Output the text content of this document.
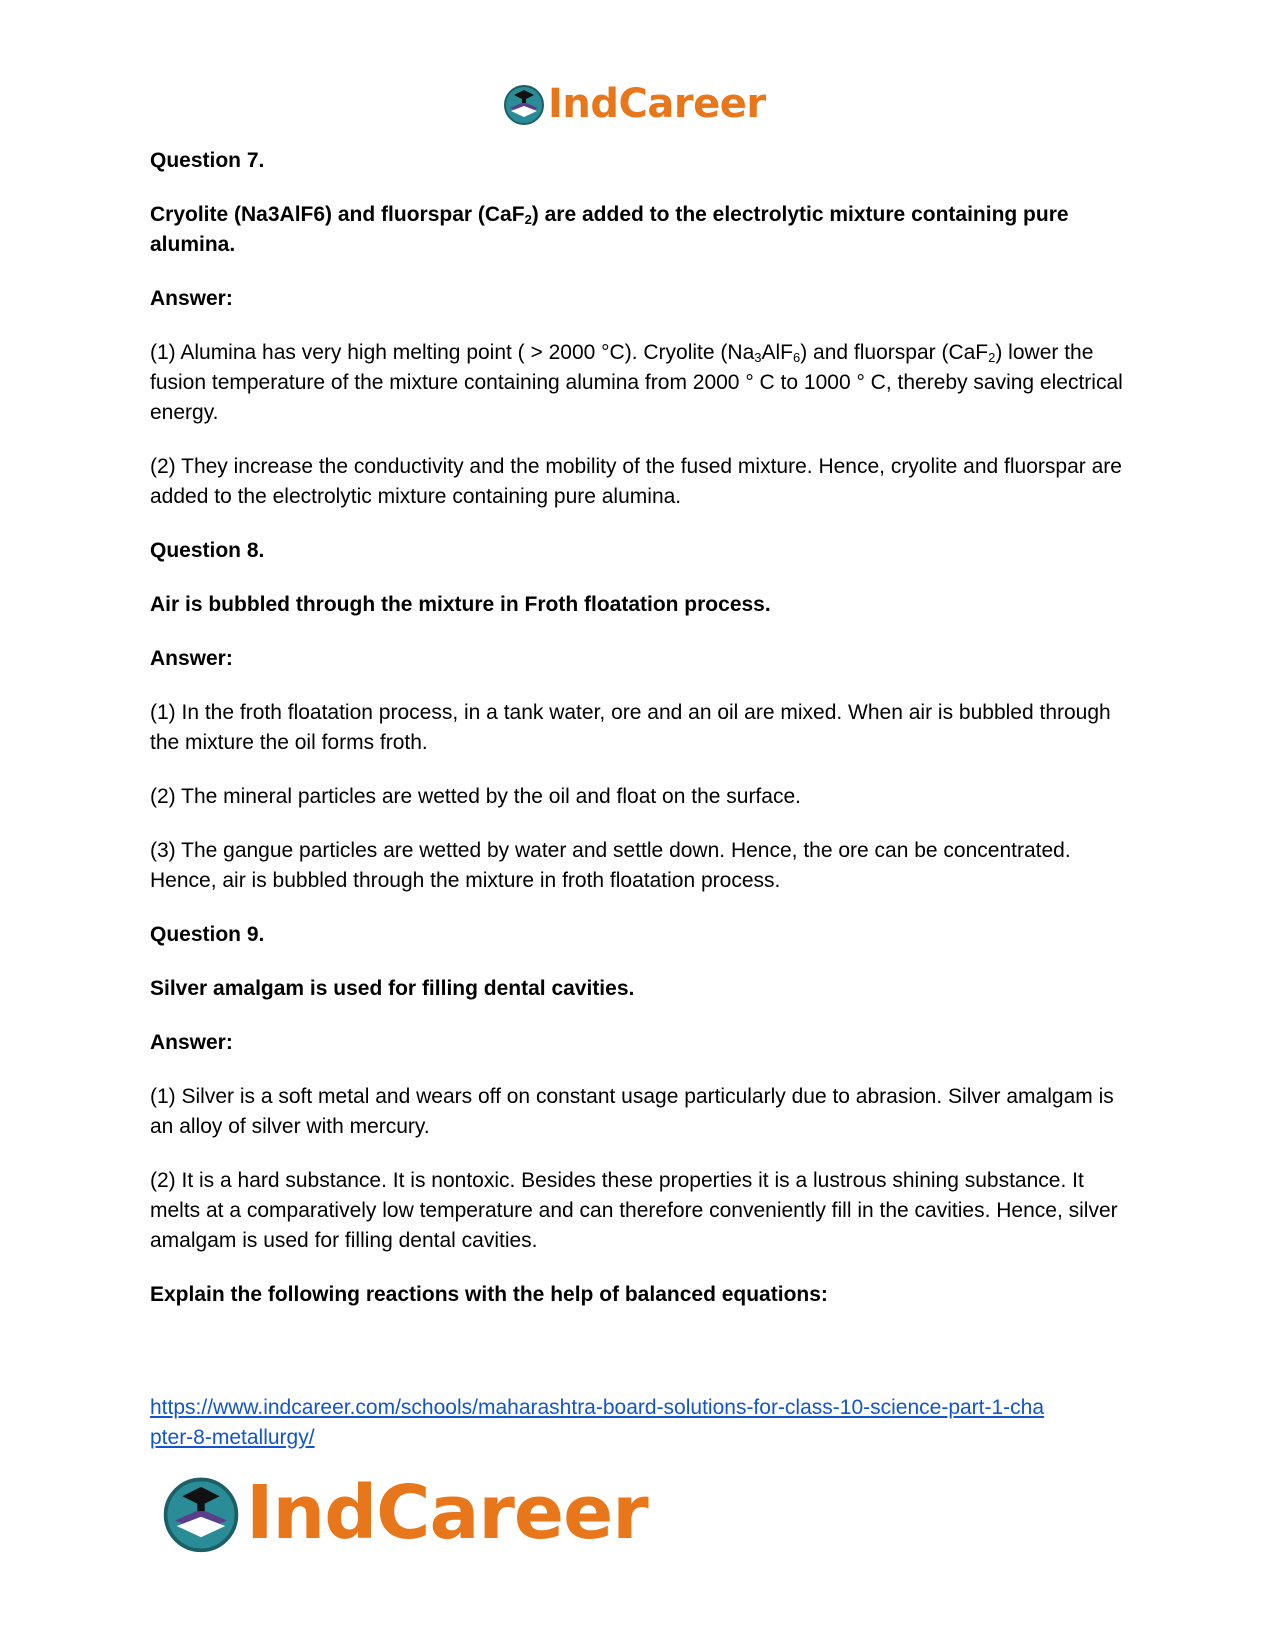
IndCareer

Question 7.

Cryolite (Na3AlF6) and fluorspar (CaF$_2$) are added to the electrolytic mixture containing pure alumina.

Answer:

(1) Alumina has very high melting point ( > 2000 °C). Cryolite $(Na_3AlF_6)$ and fluorspar (CaF$_2$) lower the fusion temperature of the mixture containing alumina from 2000 ° C to 1000 ° C, thereby saving electrical energy.

(2) They increase the conductivity and the mobility of the fused mixture. Hence, cryolite and fluorspar are added to the electrolytic mixture containing pure alumina.

Question 8.

Air is bubbled through the mixture in Froth floatation process.

Answer:

(1) In the froth floatation process, in a tank water, ore and an oil are mixed. When air is bubbled through the mixture the oil forms froth.

(2) The mineral particles are wetted by the oil and float on the surface.

(3) The gangue particles are wetted by water and settle down. Hence, the ore can be concentrated. Hence, air is bubbled through the mixture in froth floatation process.

Question 9.

Silver amalgam is used for filling dental cavities.

Answer:

(1) Silver is a soft metal and wears off on constant usage particularly due to abrasion. Silver amalgam is an alloy of silver with mercury.

(2) It is a hard substance. It is nontoxic. Besides these properties it is a lustrous shining substance. It melts at a comparatively low temperature and can therefore conveniently fill in the cavities. Hence, silver amalgam is used for filling dental cavities.

Explain the following reactions with the help of balanced equations:

https://www.indcareer.com/schools/maharashtra-board-solutions-for-class-10-science-part-1-cha
pter-8-metallurgy/
IndCareer
